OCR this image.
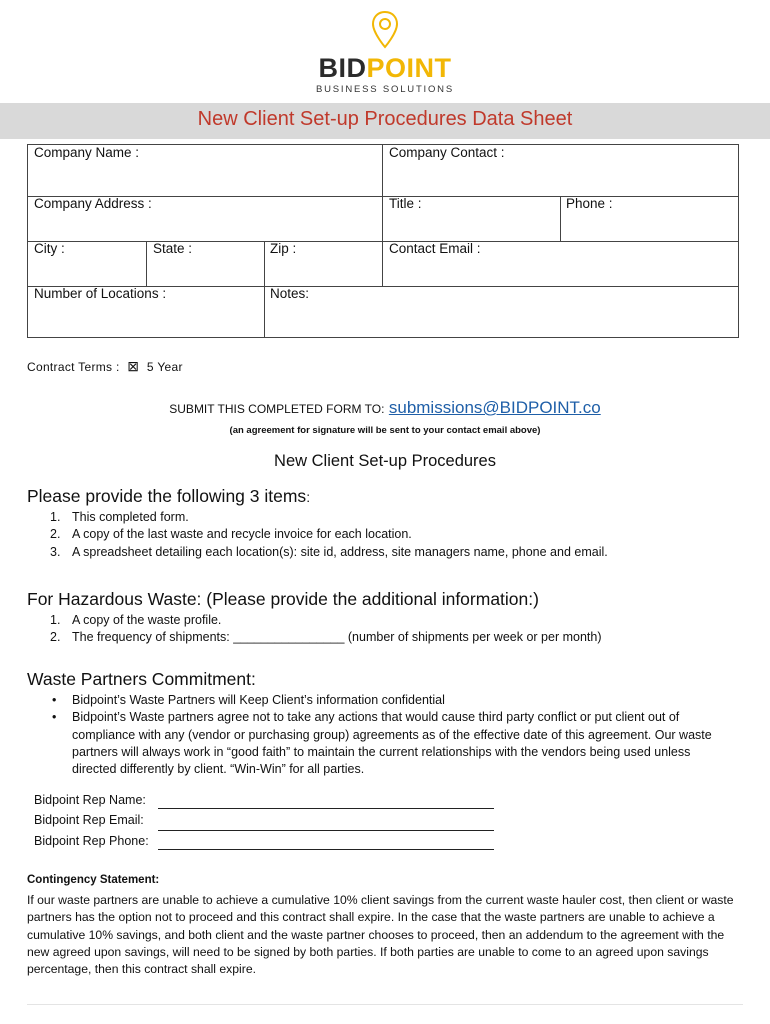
BIDPOINT
BUSINESS SOLUTIONS
New Client Set-up Procedures Data Sheet
Company Name :	Company Contact :
Company Address :	Title :	Phone :
City :	State :	Zip :	Contact Email :
Number of Locations :	Notes:
Contract Terms : ⊠ 5 Year
SUBMIT THIS COMPLETED FORM TO: submissions@BIDPOINT.co
(an agreement for signature will be sent to your contact email above)
New Client Set-up Procedures
Please provide the following 3 items:
1. This completed form.
2. A copy of the last waste and recycle invoice for each location.
3. A spreadsheet detailing each location(s): site id, address, site managers name, phone and email.
For Hazardous Waste: (Please provide the additional information:)
1. A copy of the waste profile.
2. The frequency of shipments: ________________ (number of shipments per week or per month)
Waste Partners Commitment:
• Bidpoint’s Waste Partners will Keep Client’s information confidential
• Bidpoint’s Waste partners agree not to take any actions that would cause third party conflict or put client out of compliance with any (vendor or purchasing group) agreements as of the effective date of this agreement. Our waste partners will always work in “good faith” to maintain the current relationships with the vendors being used unless directed differently by client. “Win-Win” for all parties.
Bidpoint Rep Name:
Bidpoint Rep Email:
Bidpoint Rep Phone:
Contingency Statement:
If our waste partners are unable to achieve a cumulative 10% client savings from the current waste hauler cost, then client or waste partners has the option not to proceed and this contract shall expire. In the case that the waste partners are unable to achieve a cumulative 10% savings, and both client and the waste partner chooses to proceed, then an addendum to the agreement with the new agreed upon savings, will need to be signed by both parties. If both parties are unable to come to an agreed upon savings percentage, then this contract shall expire.
